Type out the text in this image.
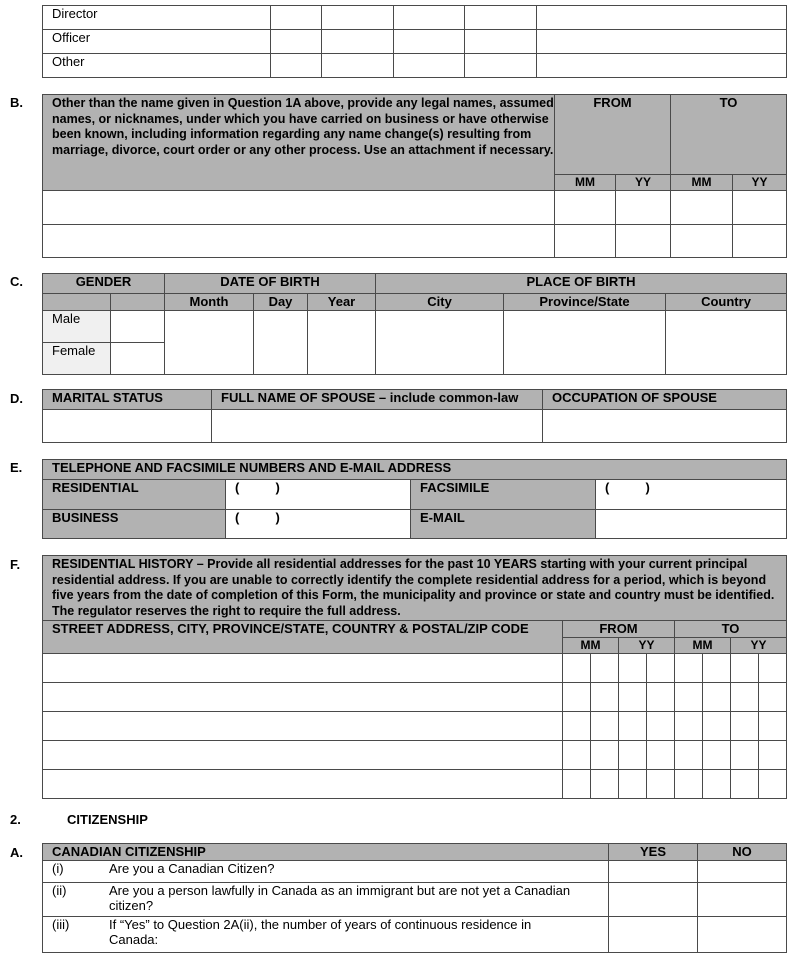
Director					
Officer					
Other					
B. Other than the name given in Question 1A above, provide any legal names, assumed names, or nicknames, under which you have carried on business or have otherwise been known, including information regarding any name change(s) resulting from marriage, divorce, court order or any other process. Use an attachment if necessary.	FROM		TO	
	MM	YY	MM	YY

C.	GENDER		DATE OF BIRTH			PLACE OF BIRTH		
		Month	Day	Year	City	Province/State	Country
Male							
Female							
D. MARITAL STATUS	FULL NAME OF SPOUSE – include common-law	OCCUPATION OF SPOUSE

E. TELEPHONE AND FACSIMILE NUMBERS AND E-MAIL ADDRESS			
RESIDENTIAL	(          )	FACSIMILE	(          )
BUSINESS	(          )	E-MAIL	
F.	RESIDENTIAL HISTORY – Provide all residential addresses for the past 10 YEARS starting with your current principal residential address. If you are unable to correctly identify the complete residential address for a period, which is beyond five years from the date of completion of this Form, the municipality and province or state and country must be identified. The regulator reserves the right to require the full address.								
STREET ADDRESS, CITY, PROVINCE/STATE, COUNTRY & POSTAL/ZIP CODE	FROM				TO			
	MM		YY		MM		YY	

2.	CITIZENSHIP
A. CANADIAN CITIZENSHIP	YES	NO

(i) Are you a Canadian Citizen?		

(ii) Are you a person lawfully in Canada as an immigrant but are not yet a Canadian citizen?		

(iii) If “Yes” to Question 2A(ii), the number of years of continuous residence in Canada:		
